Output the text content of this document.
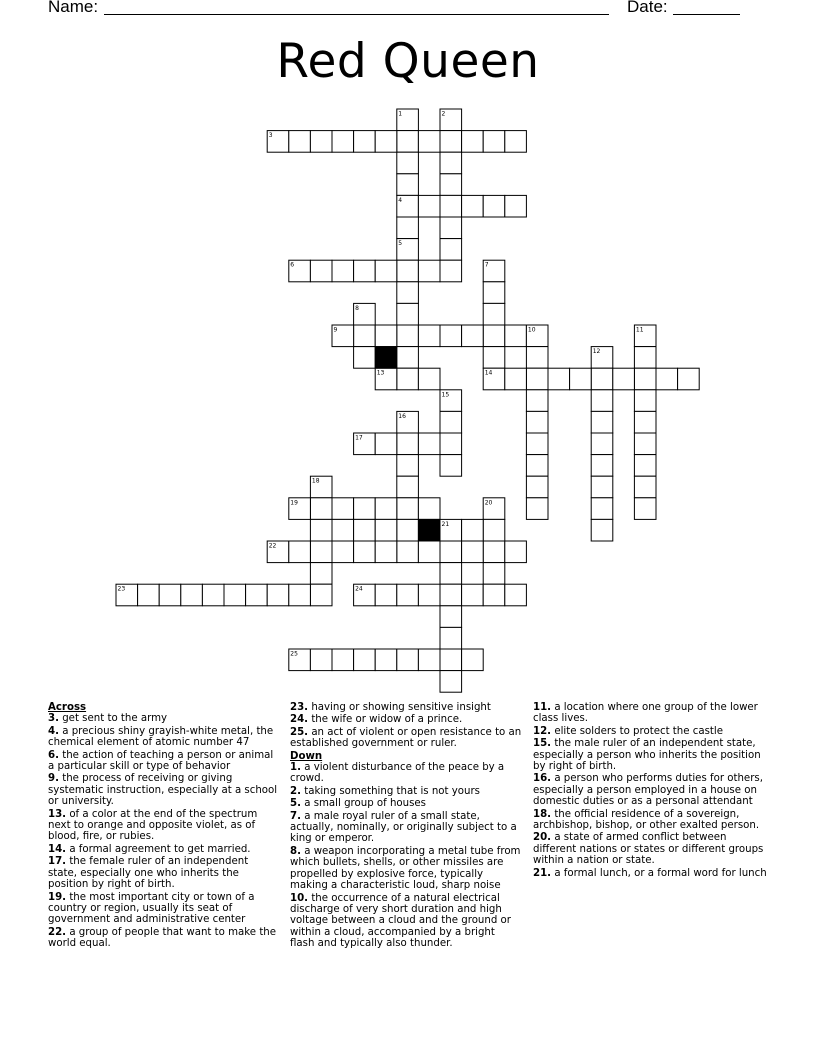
Name:	Date:
Red Queen
1	2
3
4
5
6	7
8
9	10	11
12
13	14
15
16
17
18
19	20
21
22
23	24
25

Across

3. get sent to the army
4. a precious shiny grayish-white metal, the chemical element of atomic number 47
6. the action of teaching a person or animal a particular skill or type of behavior
9. the process of receiving or giving systematic instruction, especially at a school or university.
13. of a color at the end of the spectrum next to orange and opposite violet, as of blood, fire, or rubies.
14. a formal agreement to get married.
17. the female ruler of an independent state, especially one who inherits the position by right of birth.
19. the most important city or town of a country or region, usually its seat of government and administrative center
22. a group of people that want to make the world equal.
23. having or showing sensitive insight
24. the wife or widow of a prince.
25. an act of violent or open resistance to an established government or ruler.

Down

1. a violent disturbance of the peace by a crowd.
2. taking something that is not yours
5. a small group of houses
7. a male royal ruler of a small state, actually, nominally, or originally subject to a king or emperor.
8. a weapon incorporating a metal tube from which bullets, shells, or other missiles are propelled by explosive force, typically making a characteristic loud, sharp noise
10. the occurrence of a natural electrical discharge of very short duration and high voltage between a cloud and the ground or within a cloud, accompanied by a bright flash and typically also thunder.
11. a location where one group of the lower class lives.
12. elite solders to protect the castle
15. the male ruler of an independent state, especially a person who inherits the position by right of birth.
16. a person who performs duties for others, especially a person employed in a house on domestic duties or as a personal attendant
18. the official residence of a sovereign, archbishop, bishop, or other exalted person.
20. a state of armed conflict between different nations or states or different groups within a nation or state.
21. a formal lunch, or a formal word for lunch
